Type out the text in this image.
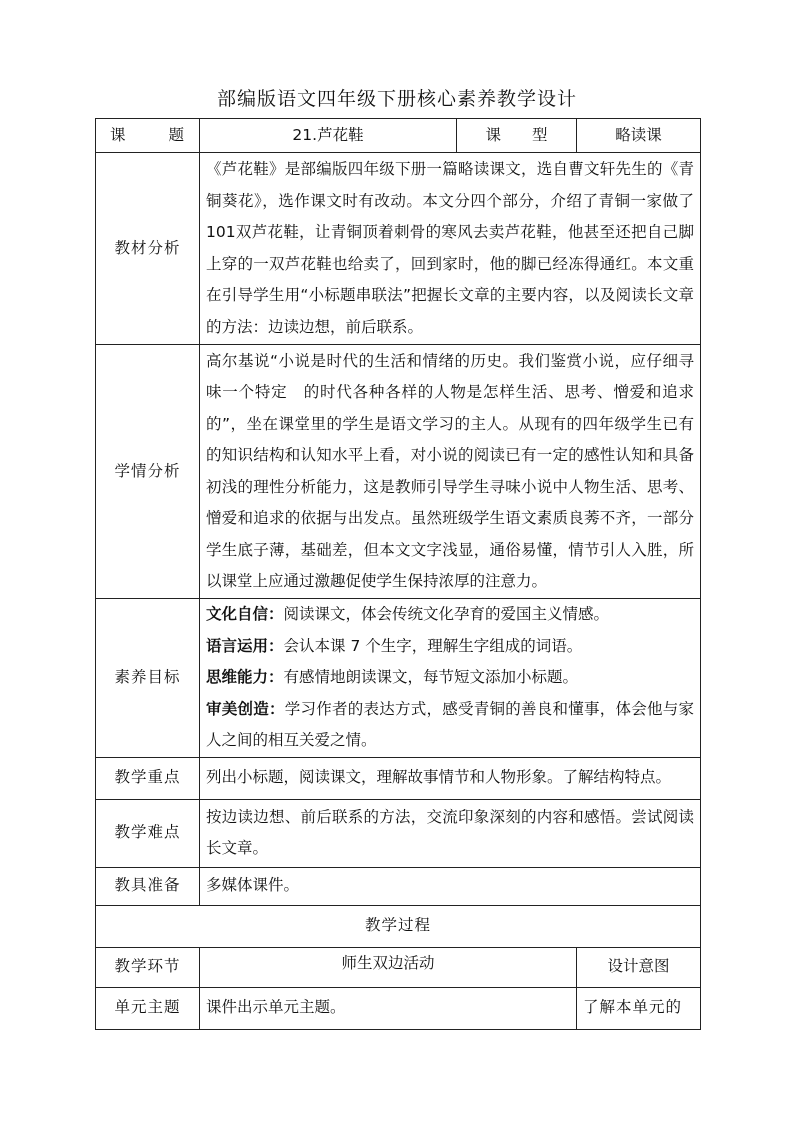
部编版语文四年级下册核心素养教学设计
课　　题	21.芦花鞋	课　　型	略读课
教材分析	《芦花鞋》是部编版四年级下册一篇略读课文，选自曹文轩先生的《青铜葵花》，选作课文时有改动。本文分四个部分，介绍了青铜一家做了101双芦花鞋，让青铜顶着刺骨的寒风去卖芦花鞋，他甚至还把自己脚上穿的一双芦花鞋也给卖了，回到家时，他的脚已经冻得通红。本文重在引导学生用“小标题串联法”把握长文章的主要内容，以及阅读长文章的方法：边读边想，前后联系。		
学情分析	高尔基说“小说是时代的生活和情绪的历史。我们鉴赏小说，应仔细寻味一个特定　的时代各种各样的人物是怎样生活、思考、憎爱和追求的”，坐在课堂里的学生是语文学习的主人。从现有的四年级学生已有的知识结构和认知水平上看，对小说的阅读已有一定的感性认知和具备初浅的理性分析能力，这是教师引导学生寻味小说中人物生活、思考、憎爱和追求的依据与出发点。虽然班级学生语文素质良莠不齐，一部分学生底子薄，基础差，但本文文字浅显，通俗易懂，情节引人入胜，所以课堂上应通过激趣促使学生保持浓厚的注意力。		
素养目标	文化自信：阅读课文，体会传统文化孕育的爱国主义情感。
语言运用：会认本课 7 个生字，理解生字组成的词语。
思维能力：有感情地朗读课文，每节短文添加小标题。
审美创造：学习作者的表达方式，感受青铜的善良和懂事，体会他与家人之间的相互关爱之情。		

教学重点	列出小标题，阅读课文，理解故事情节和人物形象。了解结构特点。		
教学难点	按边读边想、前后联系的方法，交流印象深刻的内容和感悟。尝试阅读长文章。		
教具准备	多媒体课件。		
教学过程			
教学环节	师生双边活动	设计意图
单元主题	课件出示单元主题。	了解本单元的
